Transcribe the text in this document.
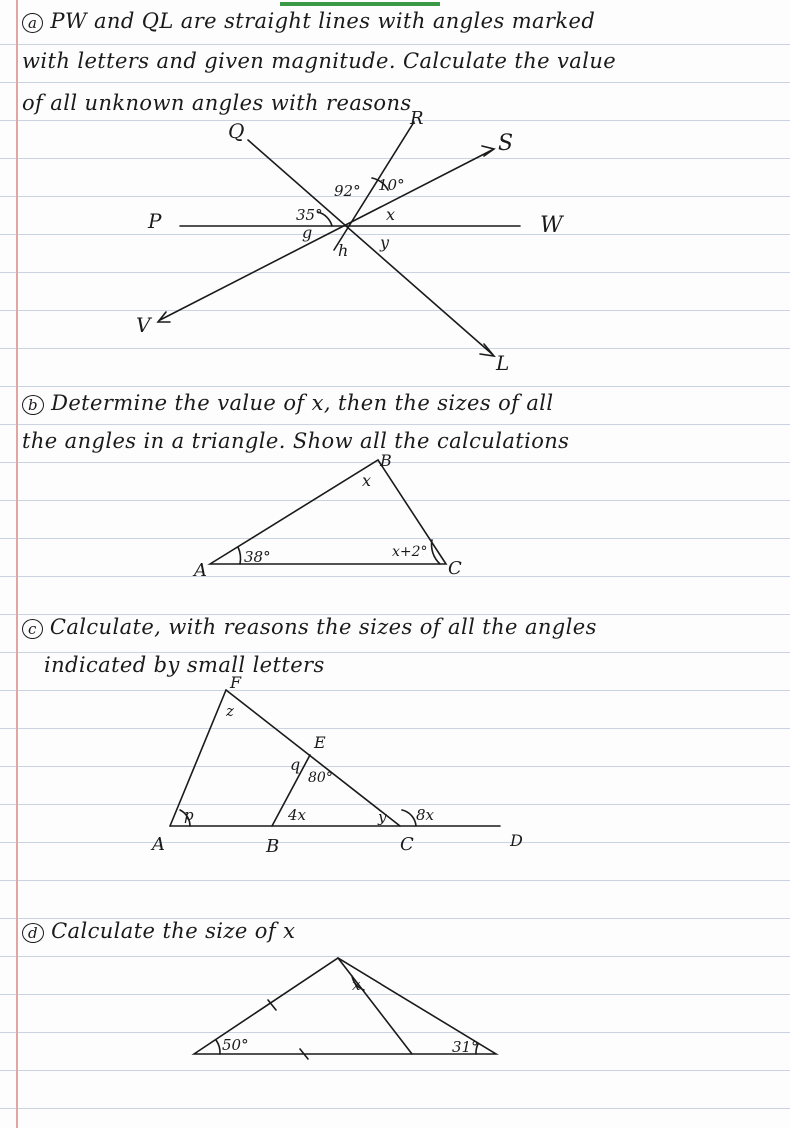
a PW and QL are straight lines with angles marked

with letters and given magnitude. Calculate the value

of all unknown angles with reasons

b Determine the value of x, then the sizes of all

the angles in a triangle. Show all the calculations

c Calculate, with reasons the sizes of all the angles

indicated by small letters

d Calculate the size of x

P
Q
R
S
W
L
V
35°
92° 10°
x
y
g
h
A
B
C
38°
x
x+2°
A	B	C	D
E
F
z
q
80°
4x	y 8x
p
50°	31°
x
